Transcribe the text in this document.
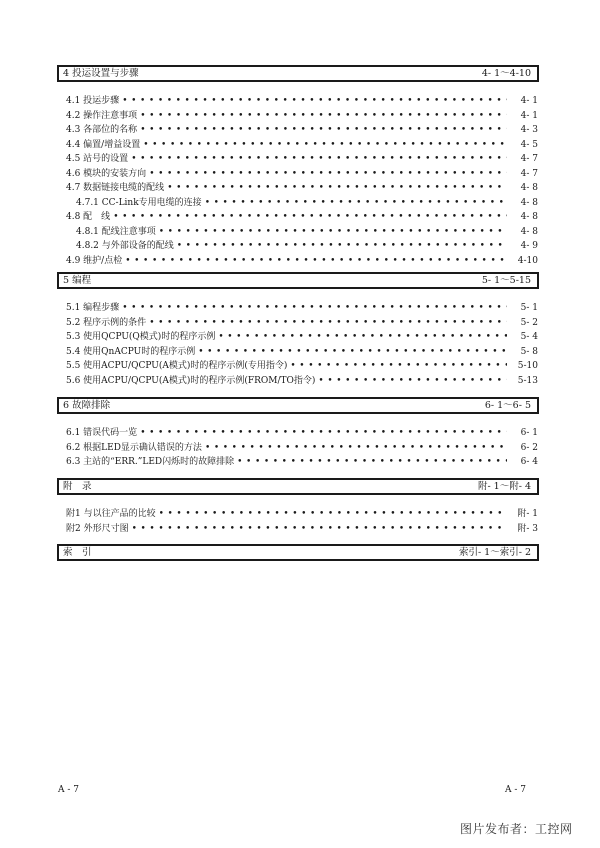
4 投运设置与步骤	4- 1～4-10
4.1 投运步骤 •••••	4- 1
4.2 操作注意事项 •••••	4- 1
4.3 各部位的名称 •••••	4- 3
4.4 偏置/增益设置 •••••	4- 5
4.5 站号的设置 •••••	4- 7
4.6 模块的安装方向 •••••	4- 7
4.7 数据链接电缆的配线 •••••	4- 8
4.7.1 CC-Link专用电缆的连接 •••••	4- 8
4.8 配　线 •••••	4- 8
4.8.1 配线注意事项 •••••	4- 8
4.8.2 与外部设备的配线 •••••	4- 9
4.9 维护/点检 •••••	4-10
5 编程	5- 1～5-15
5.1 编程步骤 •••••	5- 1
5.2 程序示例的条件 •••••	5- 2
5.3 使用QCPU(Q模式)时的程序示例 •••••	5- 4
5.4 使用QnACPU时的程序示例 •••••	5- 8
5.5 使用ACPU/QCPU(A模式)时的程序示例(专用指令) •••••	5-10
5.6 使用ACPU/QCPU(A模式)时的程序示例(FROM/TO指令) •••••	5-13
6 故障排除	6- 1～6- 5
6.1 错误代码一览 •••••	6- 1
6.2 根据LED显示确认错误的方法 •••••	6- 2
6.3 主站的“ERR.”LED闪烁时的故障排除 •••••	6- 4
附　录	附- 1～附- 4
附1 与以往产品的比较 •••••	附- 1
附2 外形尺寸图 •••••	附- 3
索　引	索引- 1～索引- 2
A - 7	A - 7
图片发布者：工控网
